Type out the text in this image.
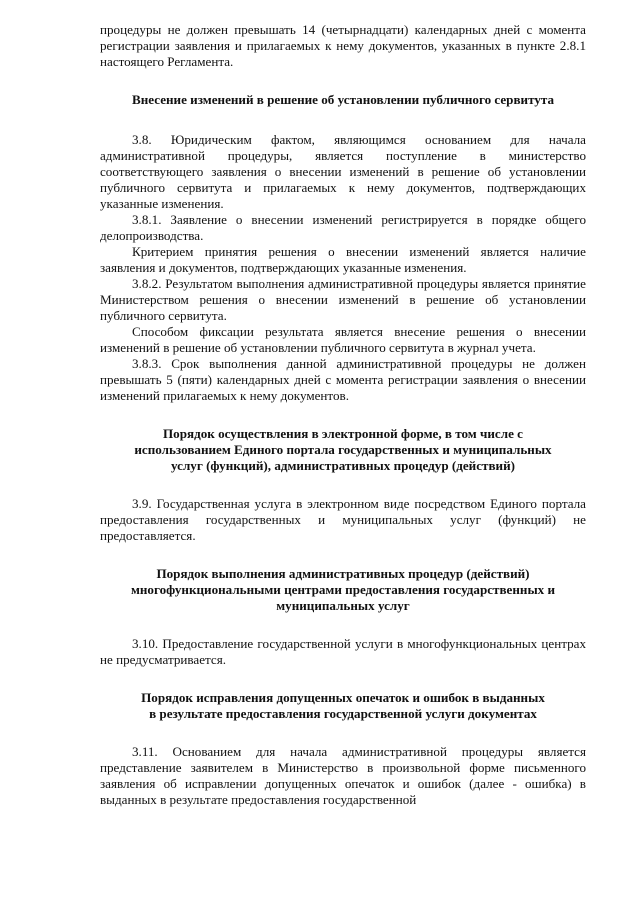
процедуры не должен превышать 14 (четырнадцати) календарных дней с момента регистрации заявления и прилагаемых к нему документов, указанных в пункте 2.8.1 настоящего Регламента.

Внесение изменений в решение об установлении публичного сервитута

3.8. Юридическим фактом, являющимся основанием для начала административной процедуры, является поступление в министерство соответствующего заявления о внесении изменений в решение об установлении публичного сервитута и прилагаемых к нему документов, подтверждающих указанные изменения.

3.8.1. Заявление о внесении изменений регистрируется в порядке общего делопроизводства.

Критерием принятия решения о внесении изменений является наличие заявления и документов, подтверждающих указанные изменения.

3.8.2. Результатом выполнения административной процедуры является принятие Министерством решения о внесении изменений в решение об установлении публичного сервитута.

Способом фиксации результата является внесение решения о внесении изменений в решение об установлении публичного сервитута в журнал учета.

3.8.3. Срок выполнения данной административной процедуры не должен превышать 5 (пяти) календарных дней с момента регистрации заявления о внесении изменений прилагаемых к нему документов.

Порядок осуществления в электронной форме, в том числе с использованием Единого портала государственных и муниципальных услуг (функций), административных процедур (действий)

3.9. Государственная услуга в электронном виде посредством Единого портала предоставления государственных и муниципальных услуг (функций) не предоставляется.

Порядок выполнения административных процедур (действий) многофункциональными центрами предоставления государственных и муниципальных услуг

3.10. Предоставление государственной услуги в многофункциональных центрах не предусматривается.

Порядок исправления допущенных опечаток и ошибок в выданных в результате предоставления государственной услуги документах

3.11. Основанием для начала административной процедуры является представление заявителем в Министерство в произвольной форме письменного заявления об исправлении допущенных опечаток и ошибок (далее - ошибка) в выданных в результате предоставления государственной
